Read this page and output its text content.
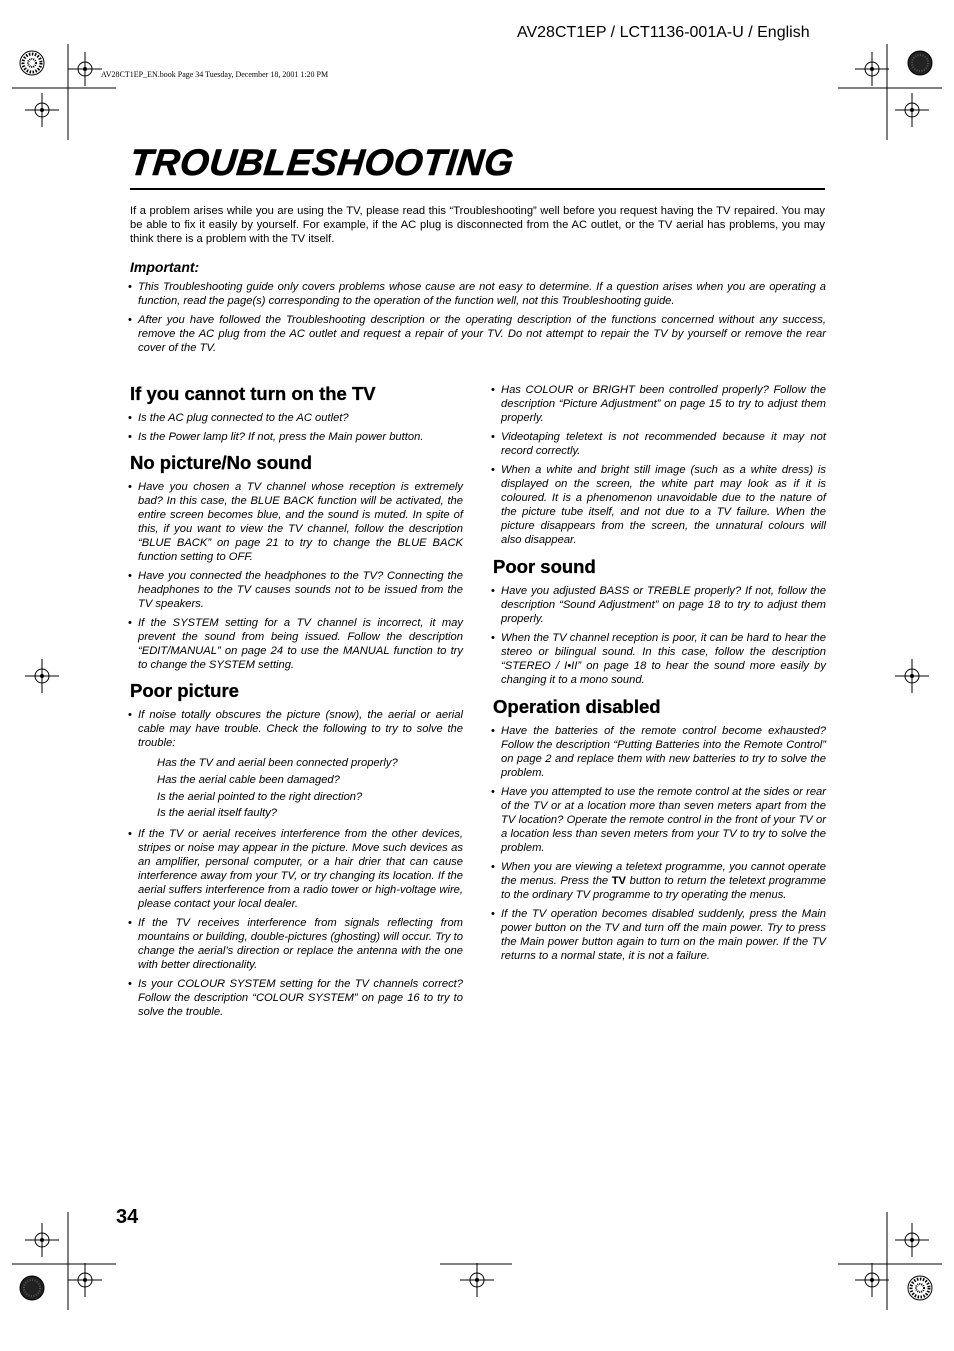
AV28CT1EP / LCT1136-001A-U / English
AV28CT1EP_EN.book Page 34 Tuesday, December 18, 2001 1:20 PM
TROUBLESHOOTING
If a problem arises while you are using the TV, please read this “Troubleshooting” well before you request having the TV repaired. You may be able to fix it easily by yourself. For example, if the AC plug is disconnected from the AC outlet, or the TV aerial has problems, you may think there is a problem with the TV itself.
Important:
• This Troubleshooting guide only covers problems whose cause are not easy to determine. If a question arises when you are operating a function, read the page(s) corresponding to the operation of the function well, not this Troubleshooting guide.
• After you have followed the Troubleshooting description or the operating description of the functions concerned without any success, remove the AC plug from the AC outlet and request a repair of your TV. Do not attempt to repair the TV by yourself or remove the rear cover of the TV.
If you cannot turn on the TV
• Is the AC plug connected to the AC outlet?
• Is the Power lamp lit? If not, press the Main power button.
No picture/No sound
• Have you chosen a TV channel whose reception is extremely bad? In this case, the BLUE BACK function will be activated, the entire screen becomes blue, and the sound is muted. In spite of this, if you want to view the TV channel, follow the description “BLUE BACK” on page 21 to try to change the BLUE BACK function setting to OFF.
• Have you connected the headphones to the TV? Connecting the headphones to the TV causes sounds not to be issued from the TV speakers.
• If the SYSTEM setting for a TV channel is incorrect, it may prevent the sound from being issued. Follow the description “EDIT/MANUAL” on page 24 to use the MANUAL function to try to change the SYSTEM setting.
Poor picture
• If noise totally obscures the picture (snow), the aerial or aerial cable may have trouble. Check the following to try to solve the trouble:
Has the TV and aerial been connected properly?
Has the aerial cable been damaged?
Is the aerial pointed to the right direction?
Is the aerial itself faulty?
• If the TV or aerial receives interference from the other devices, stripes or noise may appear in the picture. Move such devices as an amplifier, personal computer, or a hair drier that can cause interference away from your TV, or try changing its location. If the aerial suffers interference from a radio tower or high-voltage wire, please contact your local dealer.
• If the TV receives interference from signals reflecting from mountains or building, double-pictures (ghosting) will occur. Try to change the aerial’s direction or replace the antenna with the one with better directionality.
• Is your COLOUR SYSTEM setting for the TV channels correct? Follow the description “COLOUR SYSTEM” on page 16 to try to solve the trouble.
• Has COLOUR or BRIGHT been controlled properly? Follow the description “Picture Adjustment” on page 15 to try to adjust them properly.
• Videotaping teletext is not recommended because it may not record correctly.
• When a white and bright still image (such as a white dress) is displayed on the screen, the white part may look as if it is coloured. It is a phenomenon unavoidable due to the nature of the picture tube itself, and not due to a TV failure. When the picture disappears from the screen, the unnatural colours will also disappear.
Poor sound
• Have you adjusted BASS or TREBLE properly? If not, follow the description “Sound Adjustment” on page 18 to try to adjust them properly.
• When the TV channel reception is poor, it can be hard to hear the stereo or bilingual sound. In this case, follow the description “STEREO / I•II” on page 18 to hear the sound more easily by changing it to a mono sound.
Operation disabled
• Have the batteries of the remote control become exhausted? Follow the description “Putting Batteries into the Remote Control” on page 2 and replace them with new batteries to try to solve the problem.
• Have you attempted to use the remote control at the sides or rear of the TV or at a location more than seven meters apart from the TV location? Operate the remote control in the front of your TV or a location less than seven meters from your TV to try to solve the problem.
• When you are viewing a teletext programme, you cannot operate the menus. Press the TV button to return the teletext programme to the ordinary TV programme to try operating the menus.
• If the TV operation becomes disabled suddenly, press the Main power button on the TV and turn off the main power. Try to press the Main power button again to turn on the main power. If the TV returns to a normal state, it is not a failure.
34
